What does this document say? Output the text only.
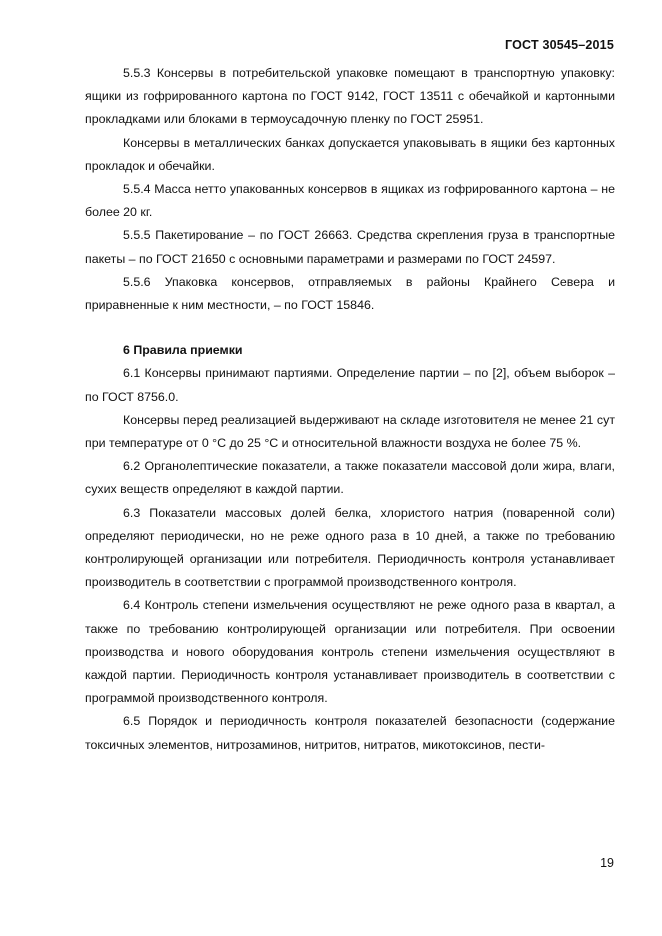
ГОСТ 30545–2015

5.5.3 Консервы в потребительской упаковке помещают в транспортную упаковку: ящики из гофрированного картона по ГОСТ 9142, ГОСТ 13511 с обечайкой и картонными прокладками или блоками в термоусадочную пленку по ГОСТ 25951.

Консервы в металлических банках допускается упаковывать в ящики без картонных прокладок и обечайки.

5.5.4 Масса нетто упакованных консервов в ящиках из гофрированного картона – не более 20 кг.

5.5.5 Пакетирование – по ГОСТ 26663. Средства скрепления груза в транспортные пакеты – по ГОСТ 21650 с основными параметрами и размерами по ГОСТ 24597.

5.5.6 Упаковка консервов, отправляемых в районы Крайнего Севера и приравненные к ним местности, – по ГОСТ 15846.

6 Правила приемки

6.1 Консервы принимают партиями. Определение партии – по [2], объем выборок – по ГОСТ 8756.0.

Консервы перед реализацией выдерживают на складе изготовителя не менее 21 сут при температуре от 0 °С до 25 °С и относительной влажности воздуха не более 75 %.

6.2 Органолептические показатели, а также показатели массовой доли жира, влаги, сухих веществ определяют в каждой партии.

6.3 Показатели массовых долей белка, хлористого натрия (поваренной соли) определяют периодически, но не реже одного раза в 10 дней, а также по требованию контролирующей организации или потребителя. Периодичность контроля устанавливает производитель в соответствии с программой производственного контроля.

6.4 Контроль степени измельчения осуществляют не реже одного раза в квартал, а также по требованию контролирующей организации или потребителя. При освоении производства и нового оборудования контроль степени измельчения осуществляют в каждой партии. Периодичность контроля устанавливает производитель в соответствии с программой производственного контроля.

6.5 Порядок и периодичность контроля показателей безопасности (содержание токсичных элементов, нитрозаминов, нитритов, нитратов, микотоксинов, пести-

19
